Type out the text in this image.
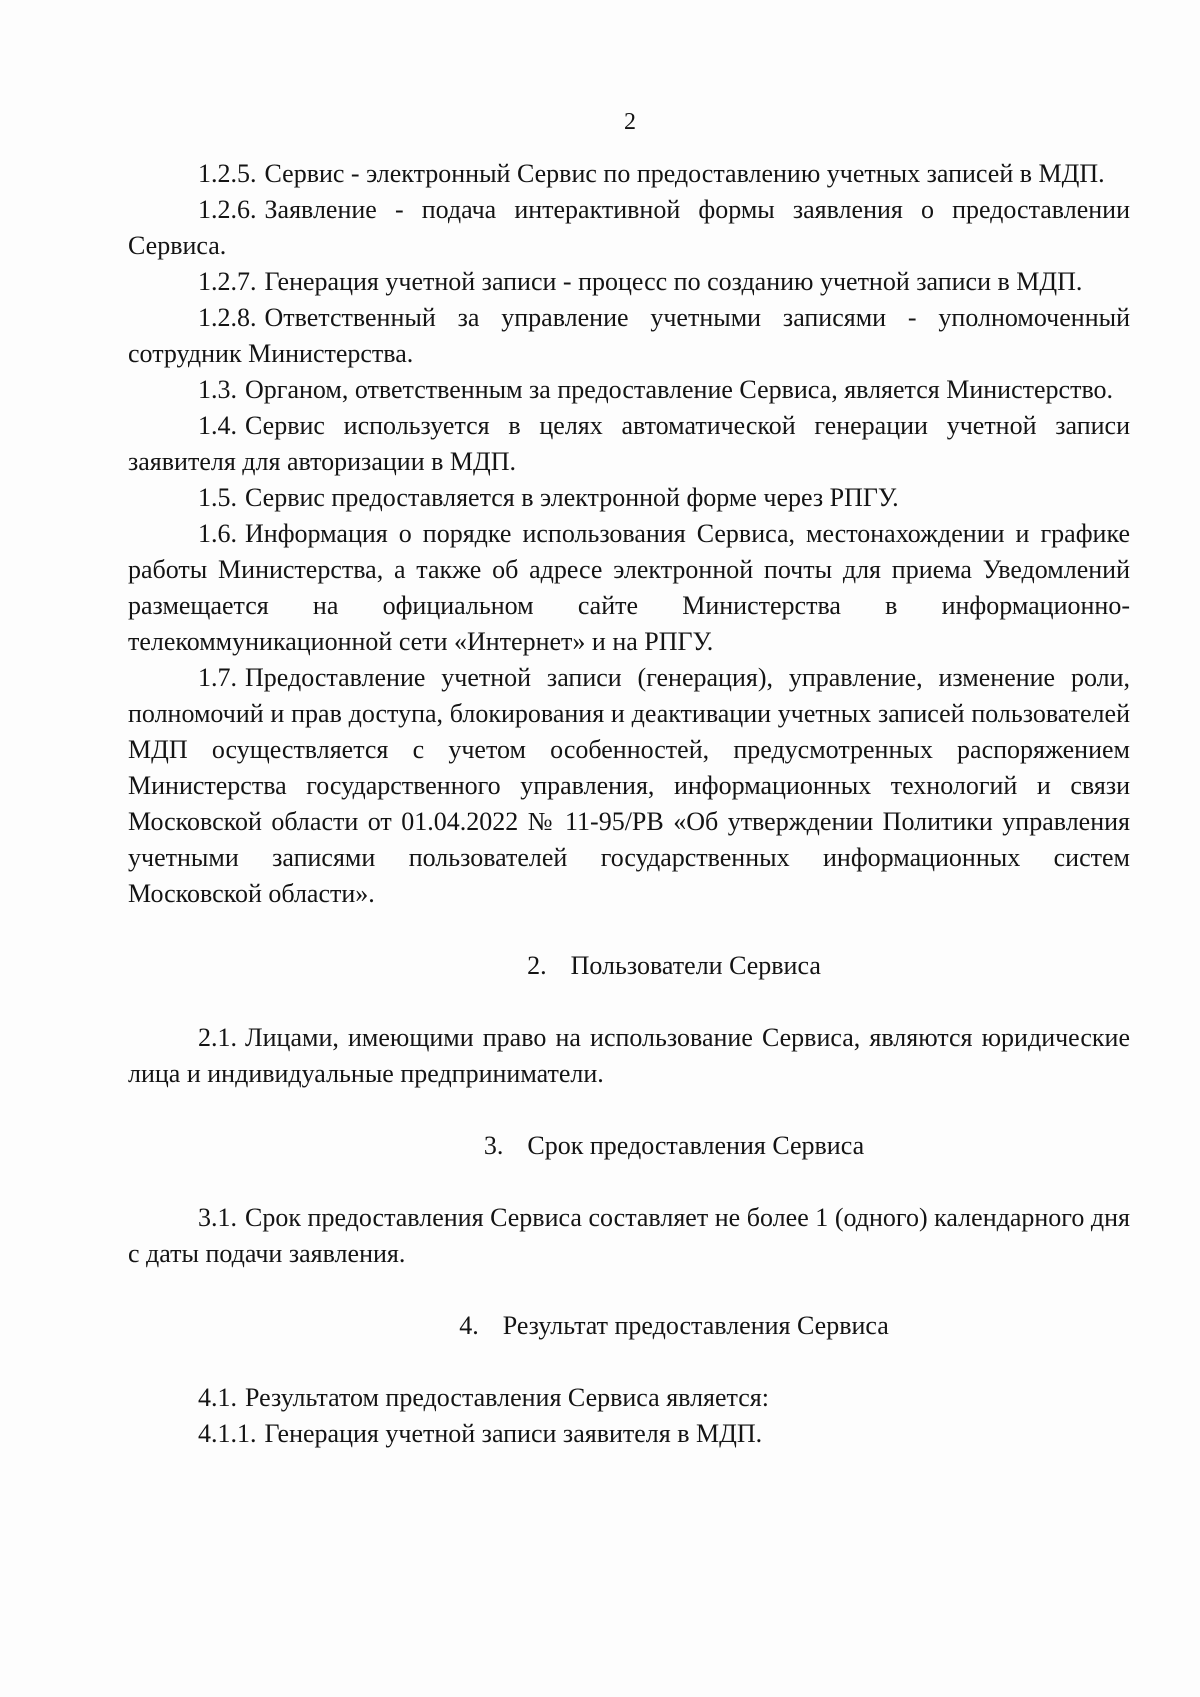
2

1.2.5. Сервис - электронный Сервис по предоставлению учетных записей в МДП.

1.2.6. Заявление - подача интерактивной формы заявления о предоставлении Сервиса.

1.2.7. Генерация учетной записи - процесс по созданию учетной записи в МДП.

1.2.8. Ответственный за управление учетными записями - уполномоченный сотрудник Министерства.

1.3. Органом, ответственным за предоставление Сервиса, является Министерство.

1.4. Сервис используется в целях автоматической генерации учетной записи заявителя для авторизации в МДП.

1.5. Сервис предоставляется в электронной форме через РПГУ.

1.6. Информация о порядке использования Сервиса, местонахождении и графике работы Министерства, а также об адресе электронной почты для приема Уведомлений размещается на официальном сайте Министерства в информационно-телекоммуникационной сети «Интернет» и на РПГУ.

1.7. Предоставление учетной записи (генерация), управление, изменение роли, полномочий и прав доступа, блокирования и деактивации учетных записей пользователей МДП осуществляется с учетом особенностей, предусмотренных распоряжением Министерства государственного управления, информационных технологий и связи Московской области от 01.04.2022 № 11-95/РВ «Об утверждении Политики управления учетными записями пользователей государственных информационных систем Московской области».

2. Пользователи Сервиса

2.1. Лицами, имеющими право на использование Сервиса, являются юридические лица и индивидуальные предприниматели.

3. Срок предоставления Сервиса

3.1. Срок предоставления Сервиса составляет не более 1 (одного) календарного дня с даты подачи заявления.

4. Результат предоставления Сервиса

4.1. Результатом предоставления Сервиса является:

4.1.1. Генерация учетной записи заявителя в МДП.
